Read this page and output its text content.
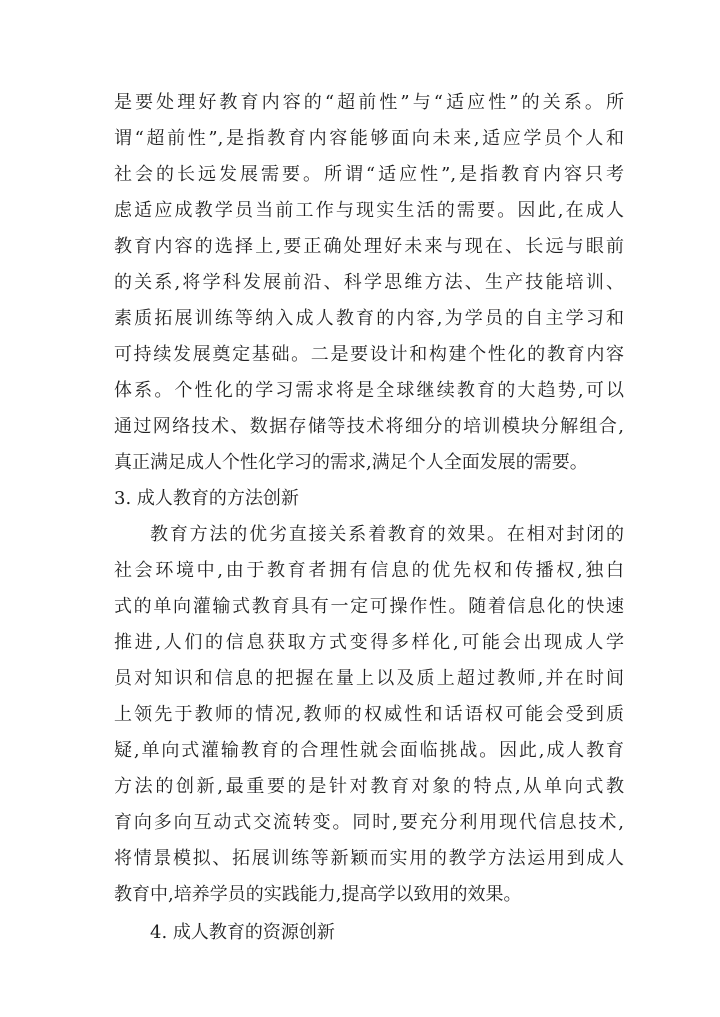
是要处理好教育内容的“超前性”与“适应性”的关系。所
谓“超前性”,是指教育内容能够面向未来,适应学员个人和
社会的长远发展需要。所谓“适应性”,是指教育内容只考
虑适应成教学员当前工作与现实生活的需要。因此,在成人
教育内容的选择上,要正确处理好未来与现在、长远与眼前
的关系,将学科发展前沿、科学思维方法、生产技能培训、
素质拓展训练等纳入成人教育的内容,为学员的自主学习和
可持续发展奠定基础。二是要设计和构建个性化的教育内容
体系。个性化的学习需求将是全球继续教育的大趋势,可以
通过网络技术、数据存储等技术将细分的培训模块分解组合,
真正满足成人个性化学习的需求,满足个人全面发展的需要。
3. 成人教育的方法创新
教育方法的优劣直接关系着教育的效果。在相对封闭的
社会环境中,由于教育者拥有信息的优先权和传播权,独白
式的单向灌输式教育具有一定可操作性。随着信息化的快速
推进,人们的信息获取方式变得多样化,可能会出现成人学
员对知识和信息的把握在量上以及质上超过教师,并在时间
上领先于教师的情况,教师的权威性和话语权可能会受到质
疑,单向式灌输教育的合理性就会面临挑战。因此,成人教育
方法的创新,最重要的是针对教育对象的特点,从单向式教
育向多向互动式交流转变。同时,要充分利用现代信息技术,
将情景模拟、拓展训练等新颖而实用的教学方法运用到成人
教育中,培养学员的实践能力,提高学以致用的效果。
4. 成人教育的资源创新
